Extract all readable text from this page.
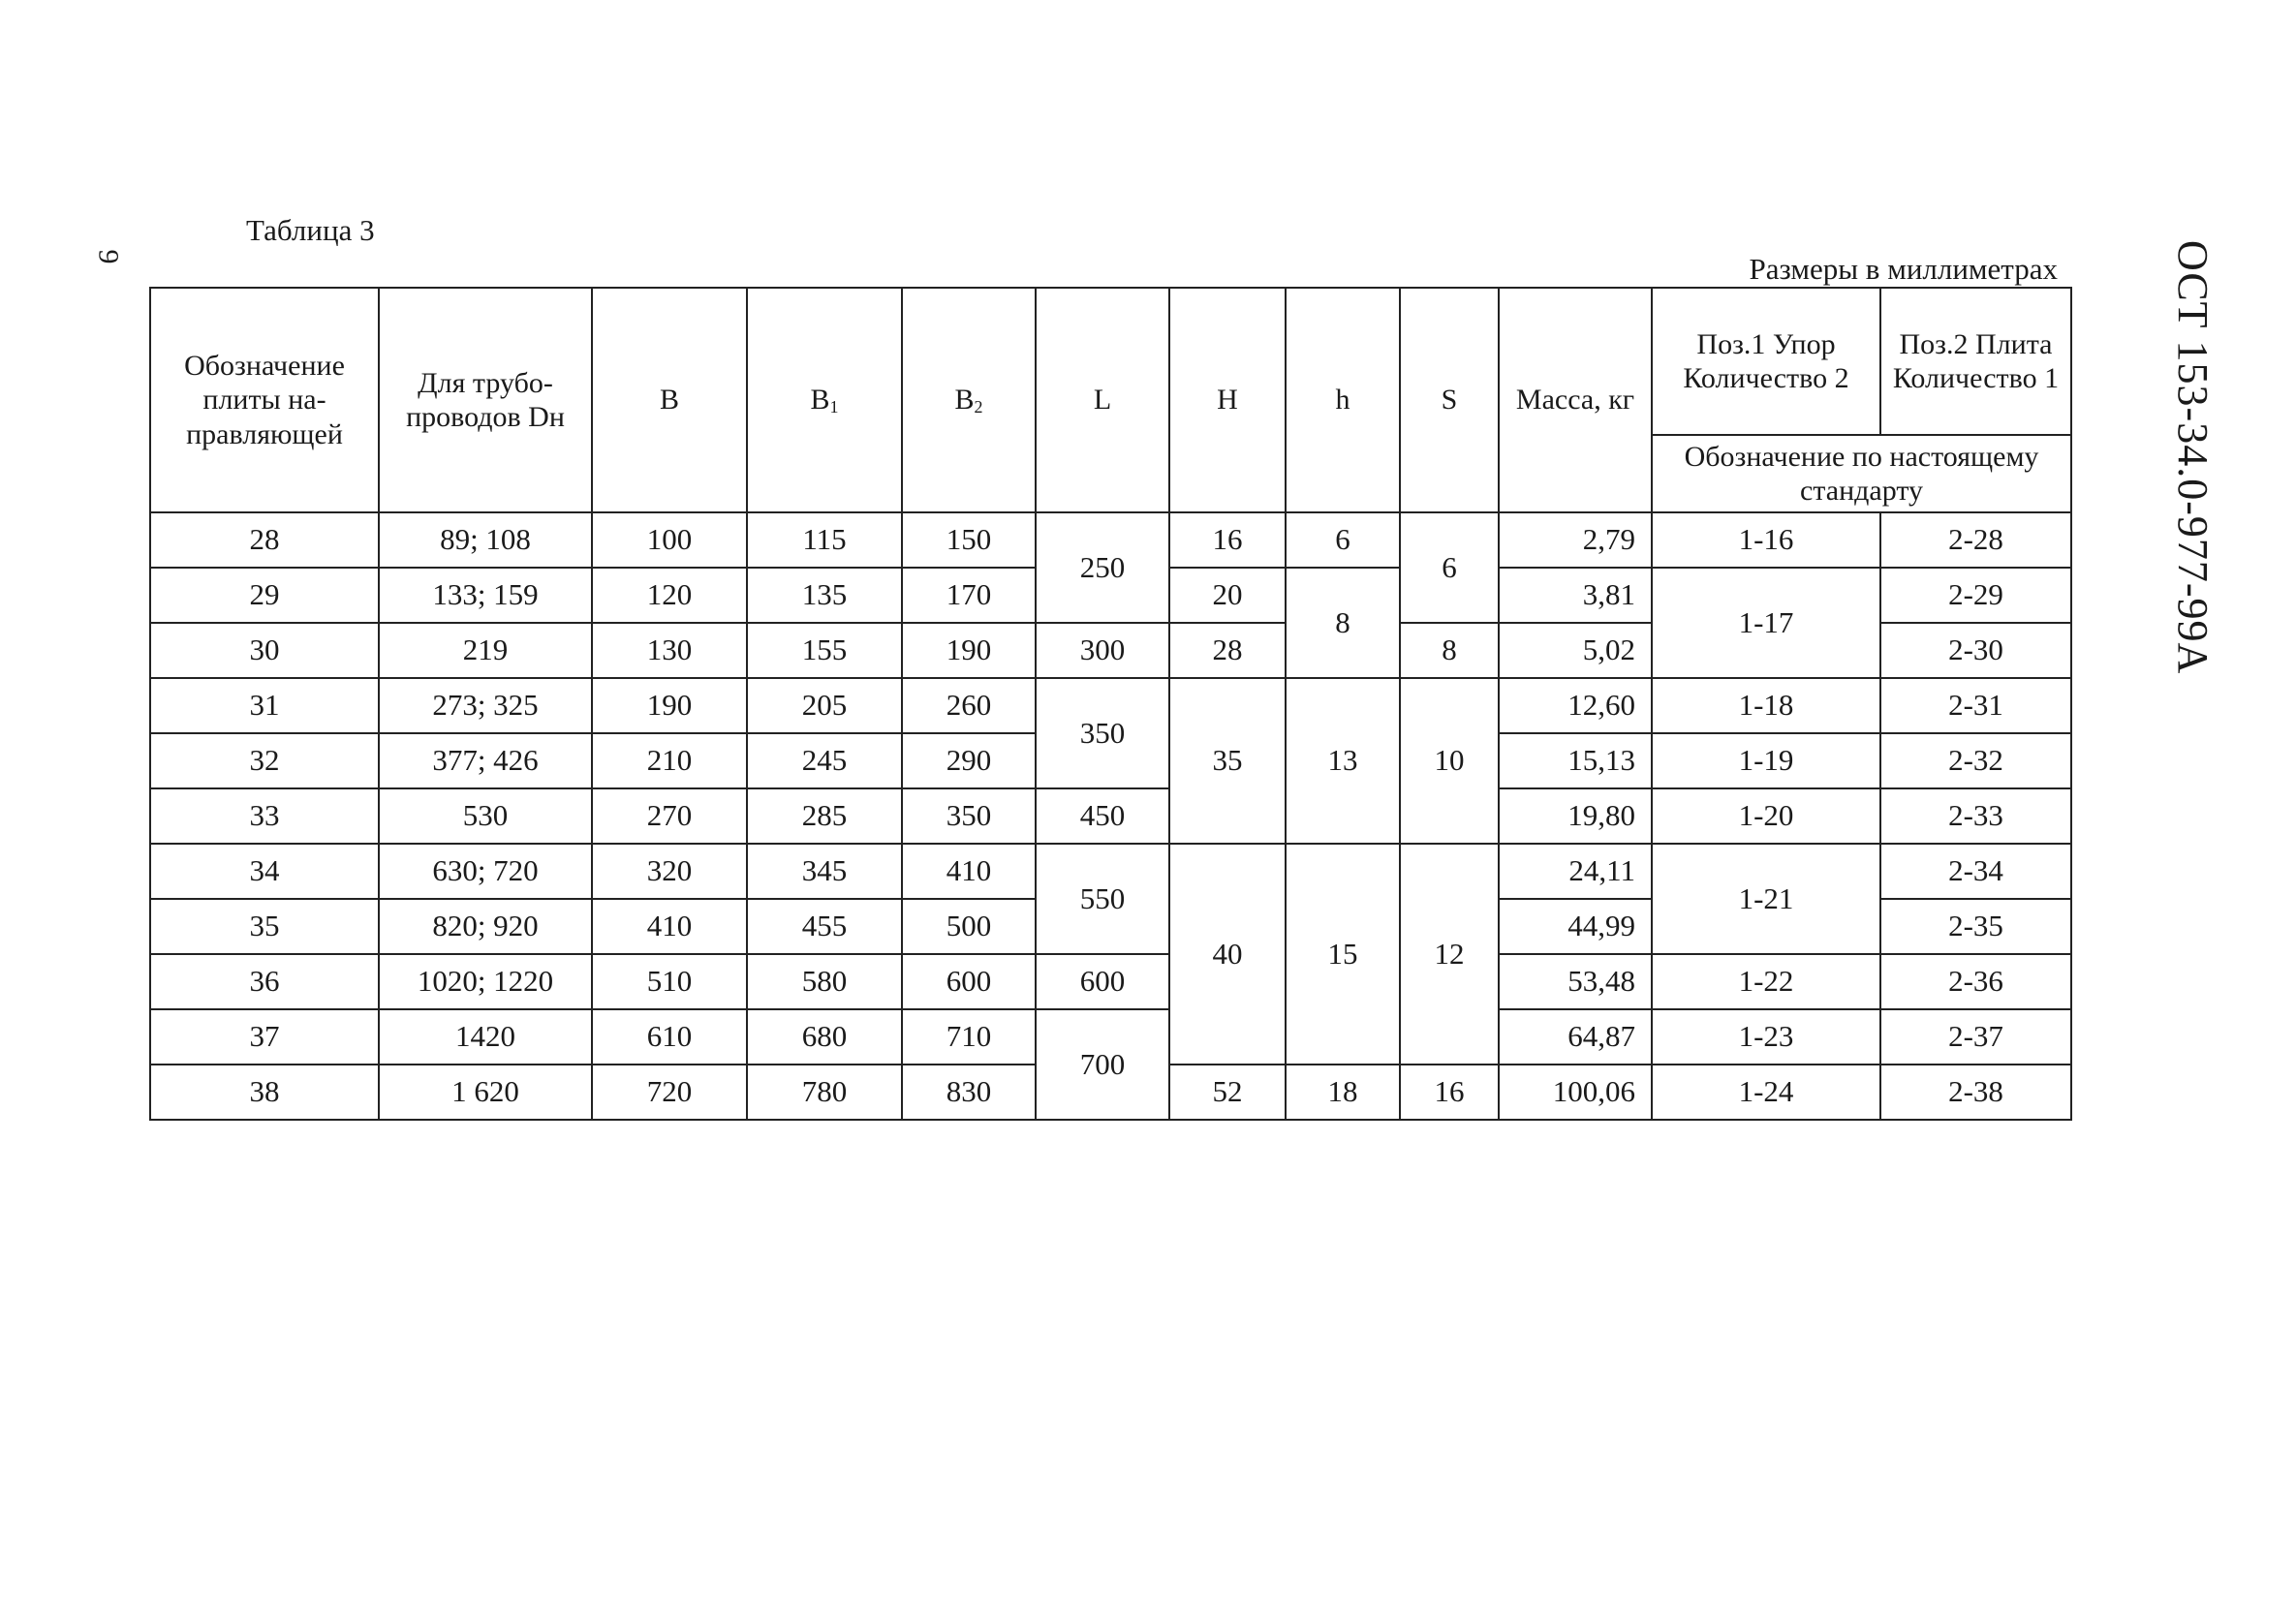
9
Таблица 3
Размеры в миллиметрах	ОСТ 153-34.0-977-99А
Обозначение плиты на- правляющей	Для трубо- проводов Dн	B	$B_1$	$B_2$	L	H	h	S	Масса, кг	Поз.1 Упор Количество 2	Поз.2 Плита Количество 1
										Обозначение по настоящему стандарту	
28	89; 108	100	115	150	250	16	6	6	2,79	1-16	2-28
29	133; 159	120	135	170		20	8		3,81	1-17	2-29
30	219	130	155	190	300	28		8	5,02		2-30
31	273; 325	190	205	260	350	35	13	10	12,60	1-18	2-31
32	377; 426	210	245	290					15,13	1-19	2-32
33	530	270	285	350	450				19,80	1-20	2-33
34	630; 720	320	345	410	550	40	15	12	24,11	1-21	2-34
35	820; 920	410	455	500					44,99		2-35
36	1020; 1220	510	580	600	600				53,48	1-22	2-36
37	1420	610	680	710	700				64,87	1-23	2-37
38	1 620	720	780	830		52	18	16	100,06	1-24	2-38
